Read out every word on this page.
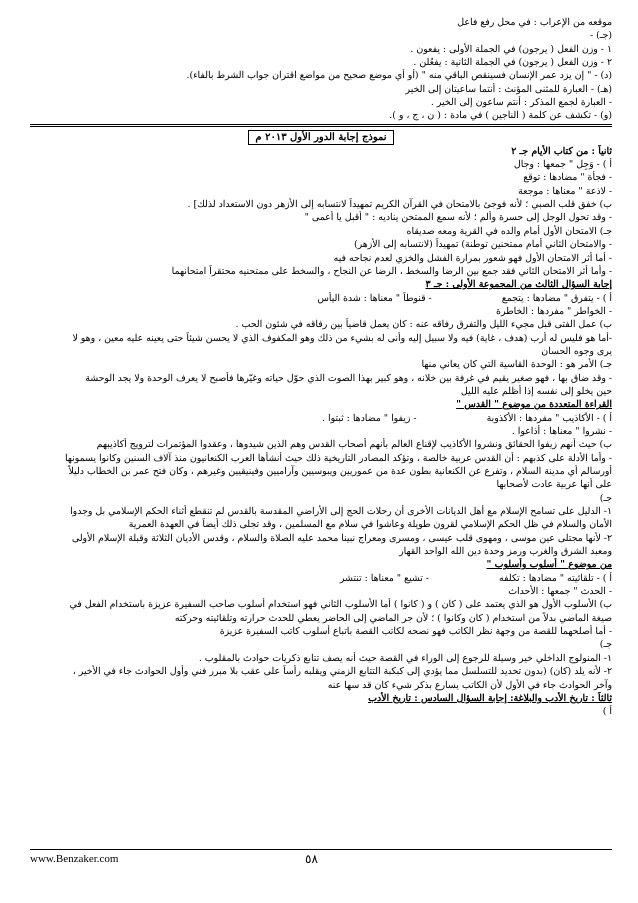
موقعه من الإعراب : في محل رفع فاعل
(جـ) -
١ - وزن الفعل ( يرجون) في الجملة الأولى : يفعون .
٢ - وزن الفعل ( يرجون) في الجملة الثانية : يفعُلن .
(د) - " إن يزد عمر الإنسان فسينقص الباقي منه " (أو أي موضع صحيح من مواضع اقتران جواب الشرط بالفاء).
(هـ) - العبارة للمثنى المؤنث : أنتما ساعيتان إلى الخير
- العبارة لجمع المذكر : أنتم ساعون إلى الخير .
(و) - تكشف عن كلمة ( الناجين ) في مادة : ( ن ، ج ، و ).
نموذج إجابة الدور الأول ٢٠١٣ م
ثانياً : من كتاب الأيام جـ ٢
أ ) - وَجِل " جمعها : وجال
- فجأة " مضادها : توقع
- لاذعة " معناها : موجعة
ب) خفق قلب الصبي ؛ لأنه فوجئ بالامتحان في القرآن الكريم تمهيداً لانتسابه إلى الأزهر دون الاستعداد لذلك] .
- وقد تحول الوجل إلى حسرة وألم ؛ لأنه سمع الممتحن يناديه : " أقبل يا أعمى "
جـ) الامتحان الأول أمام والده في القرية ومعه صديقاه
- والامتحان الثاني أمام ممتحنين توطنة) تمهيداً (لانتسابه إلى الأزهر)
- أما أثر الامتحان الأول فهو شعور بمرارة الفشل والخزي لعدم نجاحه فيه
- وأما أثر الامتحان الثاني فقد جمع بين الرضا والسخط ، الرضا عن النجاح ، والسخط على ممتحنيه محتقراً امتحانهما
إجابة السؤال الثالث من المجموعة الأولى : جـ ٣
أ ) - يتفرق " مضادها : يتجمع
- قنوطاً " معناها : شدة اليأس
- الخواطر " مفردها : الخاطرة
ب) عمل الفتى قبل مجيء الليل والتفرق رفاقه عنه : كان يعمل قاضياً بين رفاقه في شئون الحب .
-أما هو فليس له أرب (هدف ، غاية) فيه ولا سبيل إليه وأنى له بشيء من ذلك وهو المكفوف الذي لا يحسن شيئاً حتى يعينه عليه معين ، وهو لا
يرى وجوه الحسان
جـ) الأمر هو : الوحدة القاسية التي كان يعاني منها
- وقد ضاق بها ، فهو صغير يقيم في غرفة بين خلانه ، وهو كبير بهذا الصوت الذي حوّل حياته وغيّرها فأصبح لا يعرف الوحدة ولا يجد الوحشة
حين يخلو إلى نفسه إذا أظلم عليه الليل
القراءة المتعددة من موضوع " القدس "
أ ) - الأكاذيب " مفردها : الأكذوبة
- زيفوا " مضادها : ثبتوا .
- نشروا " معناها : أذاعوا .
ب) حيث أنهم زيفوا الحقائق ونشروا الأكاذيب لإقناع العالم بأنهم أصحاب القدس وهم الذين شيدوها ، وعقدوا المؤتمرات لترويج أكاذيبهم
- وأما الأدلة على كذبهم : أن القدس عربية خالصة ، وتؤكد المصادر التاريخية ذلك حيث أنشأها العرب الكنعانيون منذ آلاف السنين وكانوا يسمونها
أورسالم أي مدينة السلام ، وتفرع عن الكنعانية بطون عدة من عموريين ويبوسيين وآراميين وفينيقيين وغيرهم ، وكان فتح عمر بن الخطاب دليلاً
على أنها عربية عادت لأصحابها
جـ)
١- الدليل على تسامح الإسلام مع أهل الديانات الأخرى أن رحلات الحج إلى الأراضي المقدسة بالقدس لم تنقطع أثناء الحكم الإسلامي بل وجدوا
الأمان والسلام في ظل الحكم الإسلامي لقرون طويلة وعاشوا في سلام مع المسلمين ، وقد تجلى ذلك أيضاً في العهدة العمرية
٢- لأنها مجتلى عين موسى ، ومهوى قلب عيسى ، ومسرى ومعراج نبينا محمد عليه الصلاة والسلام ، وقدس الأديان الثلاثة وقبلة الإسلام الأولى
ومعبد الشرق والغرب ورمز وحدة دين الله الواحد القهار
من موضوع " أسلوب وأسلوب "
أ ) - تلقائيته " مضادها : تكلفه
- تشيع " معناها : تنتشر
- الحدث " جمعها : الأحداث
ب) الأسلوب الأول هو الذي يعتمد على ( كان ) و ( كانوا ) أما الأسلوب الثاني فهو استخدام أسلوب صاحب السفيرة عزيزة باستخدام الفعل في
صيغة الماضي بدلاً من استخدام ( كان وكانوا ) ؛ لأن جر الماضي إلى الحاضر يعطي للحدث حرارته وتلقائيته وحركته
- أما أصلحهما للقصة من وجهة نظر الكاتب فهو نصحه لكاتب القصة باتباع أسلوب كاتب السفيرة عزيزة
جـ)
١- المنولوج الداخلي خير وسيلة للرجوع إلى الوراء في القصة حيث أنه يصف تتابع ذكريات حوادث بالمقلوب .
٢- لأنه يلد (كان) (بدون تحديد للتسلسل مما يؤدي إلى كبكبة التتابع الزمني ويقلبه رأساً على عقب بلا مبرر فني وأول الحوادث جاء في الأخير ،
وآخر الحوادث جاء في الأول لأن الكاتب يسارع بذكر شيء كان قد سها عنه
ثالثاً : تاريخ الأدب والبلاغة: إجابة السؤال السادس : تاريخ الأدب
أ )
www.Benzaker.com	٥٨
